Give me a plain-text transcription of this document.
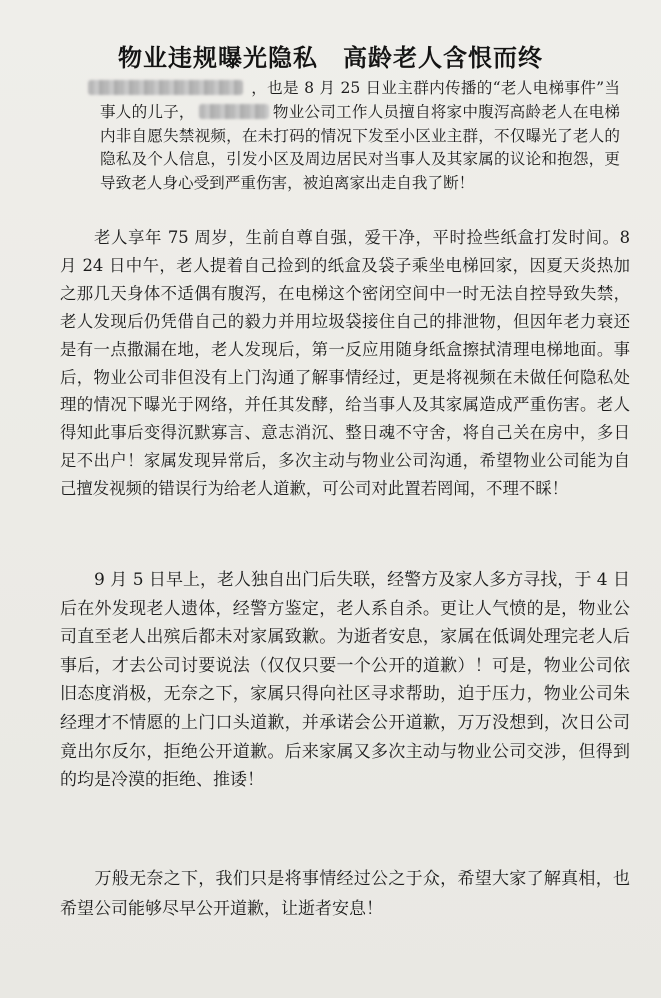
物业违规曝光隐私　高龄老人含恨而终

，也是 8 月 25 日业主群内传播的“老人电梯事件”当事人的儿子，	物业公司工作人员擅自将家中腹泻高龄老人在电梯内非自愿失禁视频，在未打码的情况下发至小区业主群，不仅曝光了老人的隐私及个人信息，引发小区及周边居民对当事人及其家属的议论和抱怨，更导致老人身心受到严重伤害，被迫离家出走自我了断！

　　老人享年 75 周岁，生前自尊自强，爱干净，平时捡些纸盒打发时间。8 月 24 日中午，老人提着自己捡到的纸盒及袋子乘坐电梯回家，因夏天炎热加之那几天身体不适偶有腹泻，在电梯这个密闭空间中一时无法自控导致失禁，老人发现后仍凭借自己的毅力并用垃圾袋接住自己的排泄物，但因年老力衰还是有一点撒漏在地，老人发现后，第一反应用随身纸盒擦拭清理电梯地面。事后，物业公司非但没有上门沟通了解事情经过，更是将视频在未做任何隐私处理的情况下曝光于网络，并任其发酵，给当事人及其家属造成严重伤害。老人得知此事后变得沉默寡言、意志消沉、整日魂不守舍，将自己关在房中，多日足不出户！家属发现异常后，多次主动与物业公司沟通，希望物业公司能为自己擅发视频的错误行为给老人道歉，可公司对此置若罔闻，不理不睬！

　　9 月 5 日早上，老人独自出门后失联，经警方及家人多方寻找，于 4 日后在外发现老人遗体，经警方鉴定，老人系自杀。更让人气愤的是，物业公司直至老人出殡后都未对家属致歉。为逝者安息，家属在低调处理完老人后事后，才去公司讨要说法（仅仅只要一个公开的道歉）！可是，物业公司依旧态度消极，无奈之下，家属只得向社区寻求帮助，迫于压力，物业公司朱经理才不情愿的上门口头道歉，并承诺会公开道歉，万万没想到，次日公司竟出尔反尔，拒绝公开道歉。后来家属又多次主动与物业公司交涉，但得到的均是冷漠的拒绝、推诿！

　　万般无奈之下，我们只是将事情经过公之于众，希望大家了解真相，也希望公司能够尽早公开道歉，让逝者安息！
